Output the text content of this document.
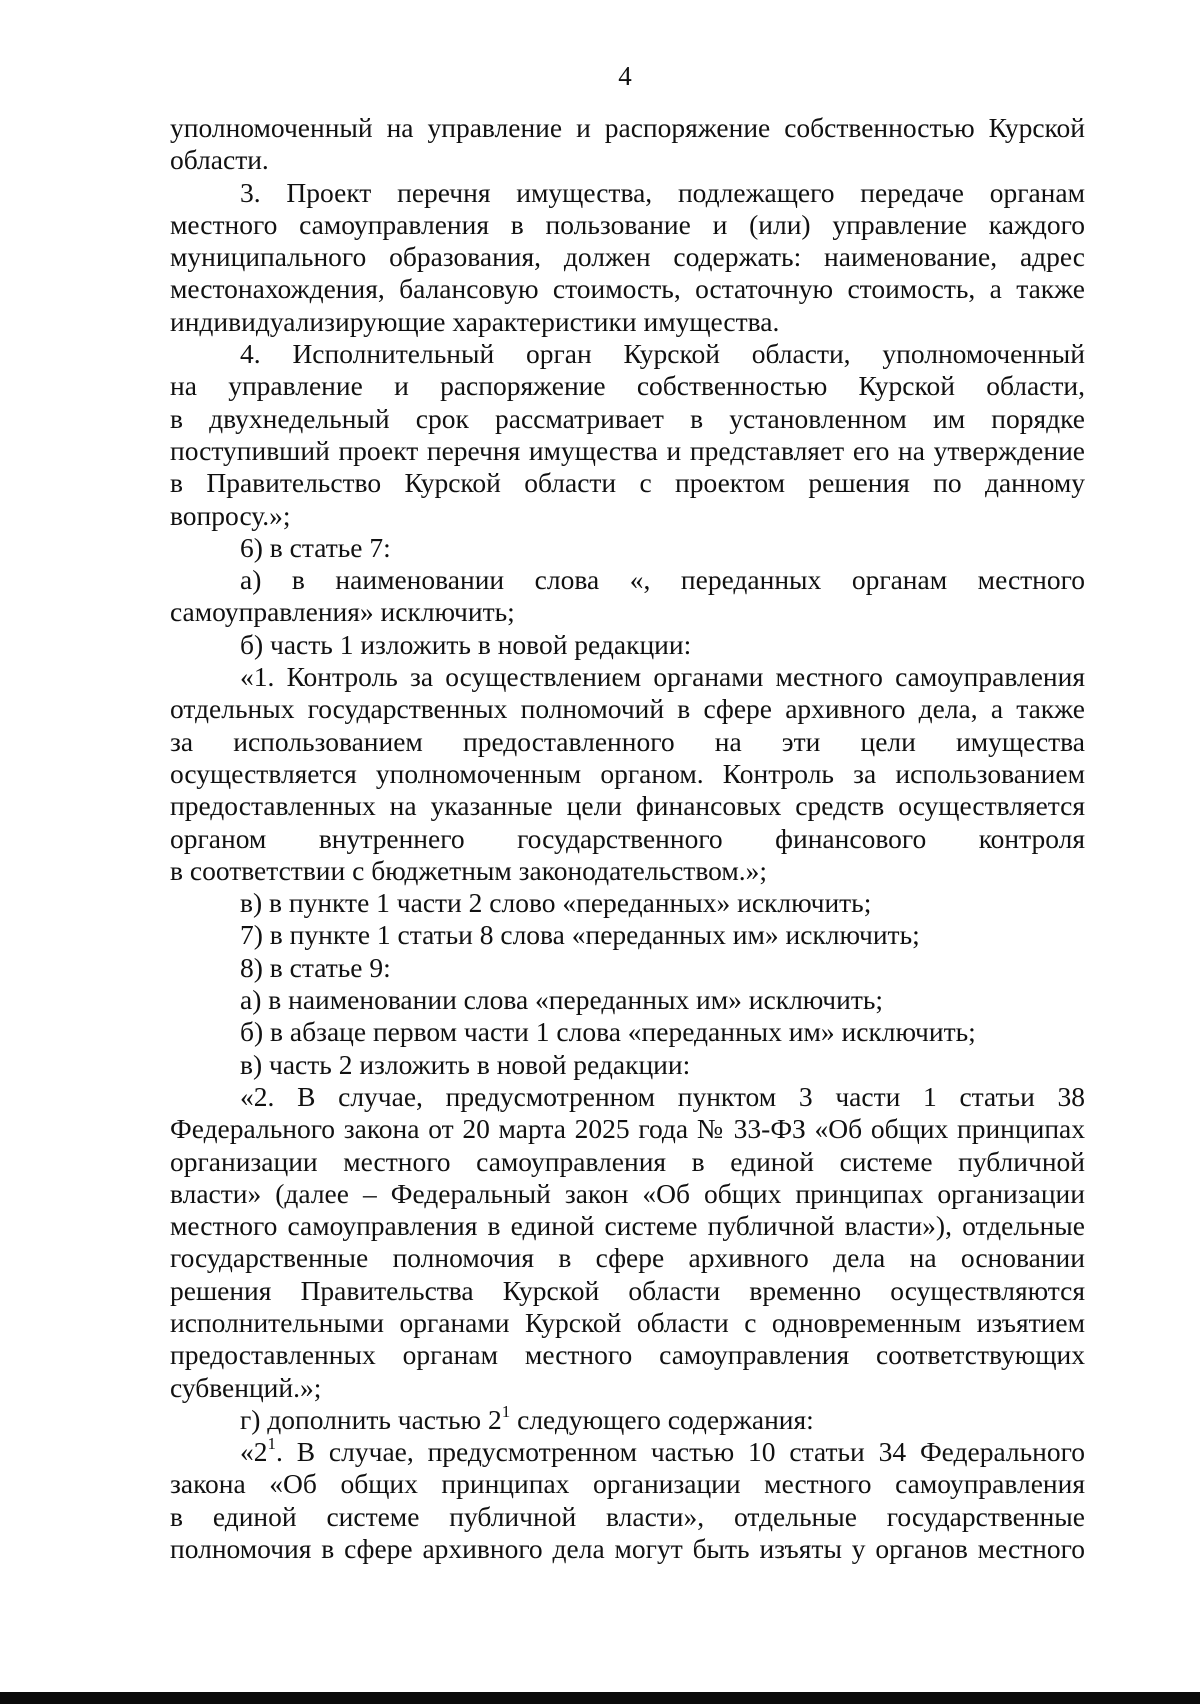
4
уполномоченный на управление и распоряжение собственностью Курской
области.
3. Проект перечня имущества, подлежащего передаче органам
местного самоуправления в пользование и (или) управление каждого
муниципального образования, должен содержать: наименование, адрес
местонахождения, балансовую стоимость, остаточную стоимость, а также
индивидуализирующие характеристики имущества.
4. Исполнительный орган Курской области, уполномоченный
на управление и распоряжение собственностью Курской области,
в двухнедельный срок рассматривает в установленном им порядке
поступивший проект перечня имущества и представляет его на утверждение
в Правительство Курской области с проектом решения по данному
вопросу.»;
6) в статье 7:
а) в наименовании слова «, переданных органам местного
самоуправления» исключить;
б) часть 1 изложить в новой редакции:
«1. Контроль за осуществлением органами местного самоуправления
отдельных государственных полномочий в сфере архивного дела, а также
за использованием предоставленного на эти цели имущества
осуществляется уполномоченным органом. Контроль за использованием
предоставленных на указанные цели финансовых средств осуществляется
органом внутреннего государственного финансового контроля
в соответствии с бюджетным законодательством.»;
в) в пункте 1 части 2 слово «переданных» исключить;
7) в пункте 1 статьи 8 слова «переданных им» исключить;
8) в статье 9:
а) в наименовании слова «переданных им» исключить;
б) в абзаце первом части 1 слова «переданных им» исключить;
в) часть 2 изложить в новой редакции:
«2. В случае, предусмотренном пунктом 3 части 1 статьи 38
Федерального закона от 20 марта 2025 года № 33-ФЗ «Об общих принципах
организации местного самоуправления в единой системе публичной
власти» (далее – Федеральный закон «Об общих принципах организации
местного самоуправления в единой системе публичной власти»), отдельные
государственные полномочия в сфере архивного дела на основании
решения Правительства Курской области временно осуществляются
исполнительными органами Курской области с одновременным изъятием
предоставленных органам местного самоуправления соответствующих
субвенций.»;
г) дополнить частью $2^1$ следующего содержания:
«$2^1$. В случае, предусмотренном частью 10 статьи 34 Федерального
закона «Об общих принципах организации местного самоуправления
в единой системе публичной власти», отдельные государственные
полномочия в сфере архивного дела могут быть изъяты у органов местного
